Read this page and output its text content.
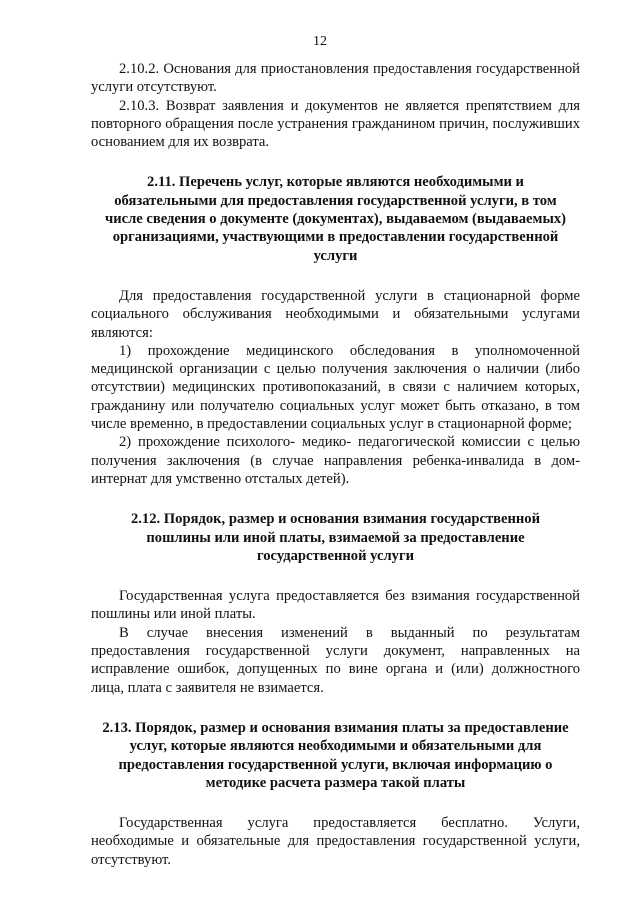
12

2.10.2. Основания для приостановления предоставления государственной услуги отсутствуют.

2.10.3. Возврат заявления и документов не является препятствием для повторного обращения после устранения гражданином причин, послуживших основанием для их возврата.

2.11. Перечень услуг, которые являются необходимыми и обязательными для предоставления государственной услуги, в том числе сведения о документе (документах), выдаваемом (выдаваемых) организациями, участвующими в предоставлении государственной услуги

Для предоставления государственной услуги в стационарной форме социального обслуживания необходимыми и обязательными услугами являются:

1) прохождение медицинского обследования в уполномоченной медицинской организации с целью получения заключения о наличии (либо отсутствии) медицинских противопоказаний, в связи с наличием которых, гражданину или получателю социальных услуг может быть отказано, в том числе временно, в предоставлении социальных услуг в стационарной форме;

2) прохождение психолого- медико- педагогической комиссии с целью получения заключения (в случае направления ребенка-инвалида в дом-интернат для умственно отсталых детей).

2.12. Порядок, размер и основания взимания государственной пошлины или иной платы, взимаемой за предоставление государственной услуги

Государственная услуга предоставляется без взимания государственной пошлины или иной платы.

В случае внесения изменений в выданный по результатам предоставления государственной услуги документ, направленных на исправление ошибок, допущенных по вине органа и (или) должностного лица, плата с заявителя не взимается.

2.13. Порядок, размер и основания взимания платы за предоставление услуг, которые являются необходимыми и обязательными для предоставления государственной услуги, включая информацию о методике расчета размера такой платы

Государственная услуга предоставляется бесплатно. Услуги, необходимые и обязательные для предоставления государственной услуги, отсутствуют.
